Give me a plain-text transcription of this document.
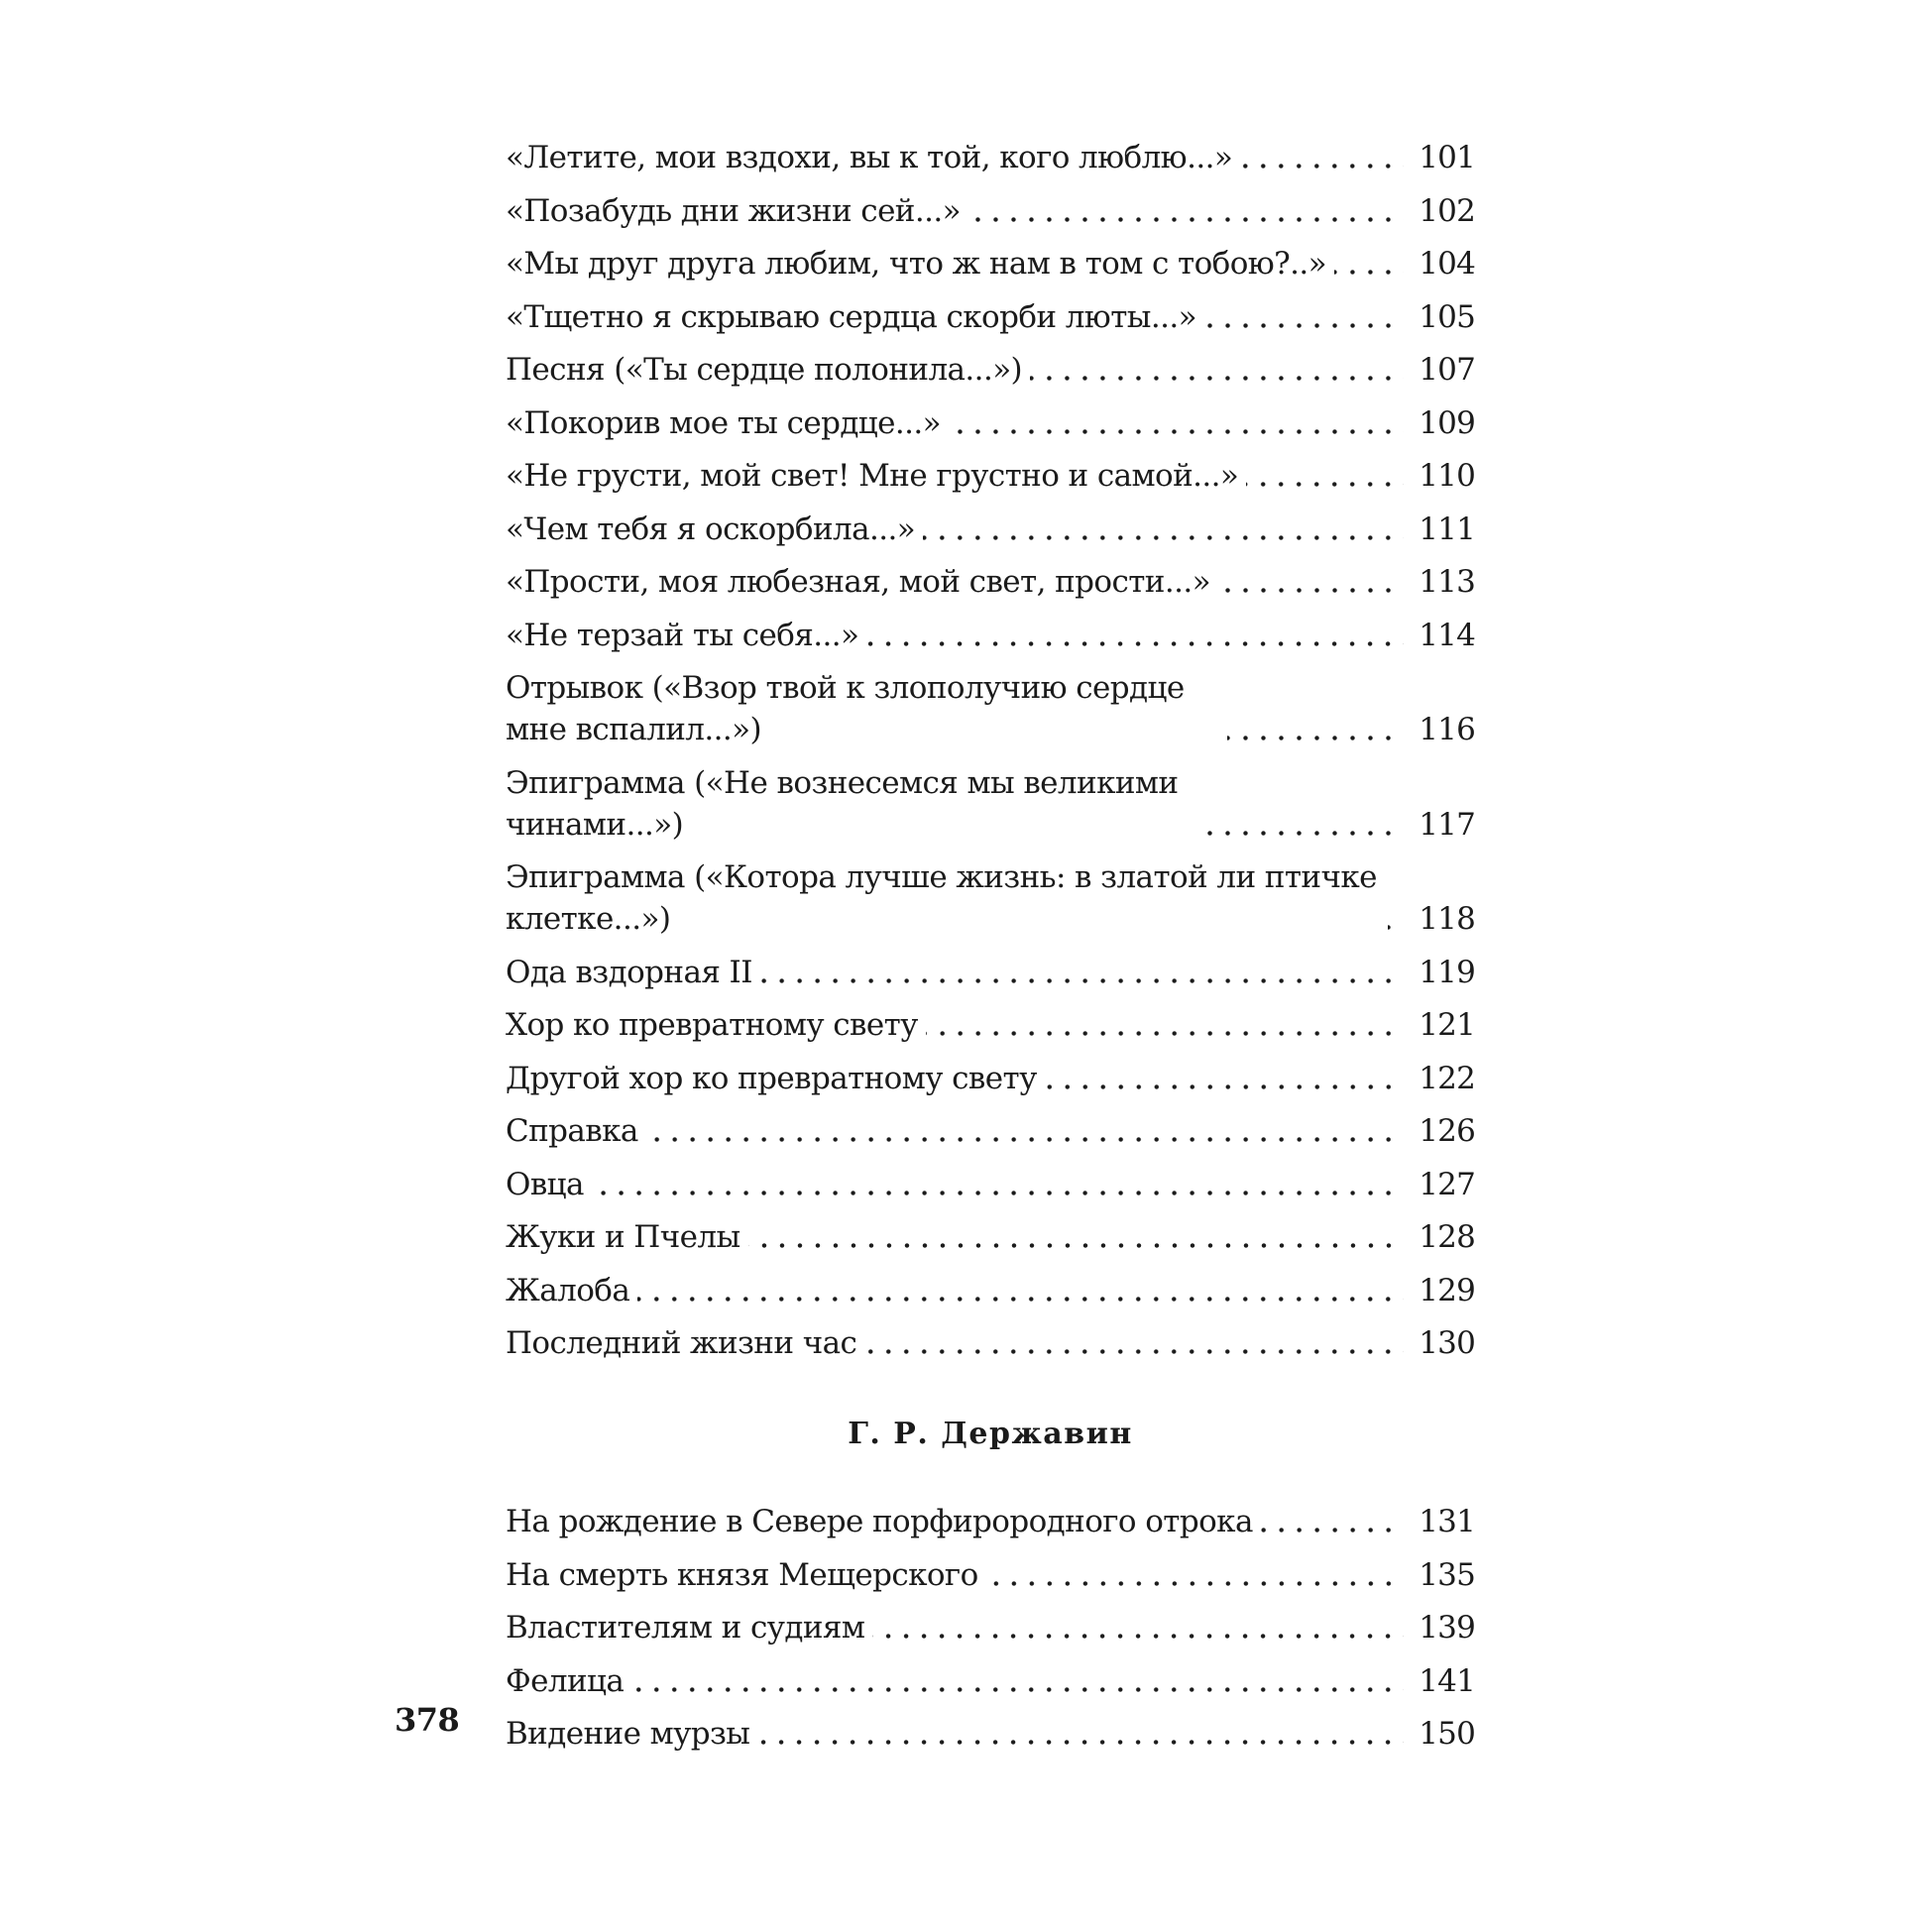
«Летите, мои вздохи, вы к той, кого люблю...»	101
«Позабудь дни жизни сей...»	102
«Мы друг друга любим, что ж нам в том с тобою?..»	104
«Тщетно я скрываю сердца скорби люты...»	105
Песня («Ты сердце полонила...»)	107
«Покорив мое ты сердце...»	109
«Не грусти, мой свет! Мне грустно и самой...»	110
«Чем тебя я оскорбила...»	111
«Прости, моя любезная, мой свет, прости...»	113
«Не терзай ты себя...»	114
Отрывок («Взор твой к злополучию сердце мне вспалил...»)	116
Эпиграмма («Не вознесемся мы великими чинами...»)	117
Эпиграмма («Котора лучше жизнь: в златой ли птичке клетке...»)	118
Ода вздорная II	119
Хор ко превратному свету	121
Другой хор ко превратному свету	122
Справка	126
Овца	127
Жуки и Пчелы	128
Жалоба	129
Последний жизни час	130
Г. Р. Державин
На рождение в Севере порфирородного отрока	131
На смерть князя Мещерского	135
Властителям и судиям	139
Фелица	141
Видение мурзы	150
378
